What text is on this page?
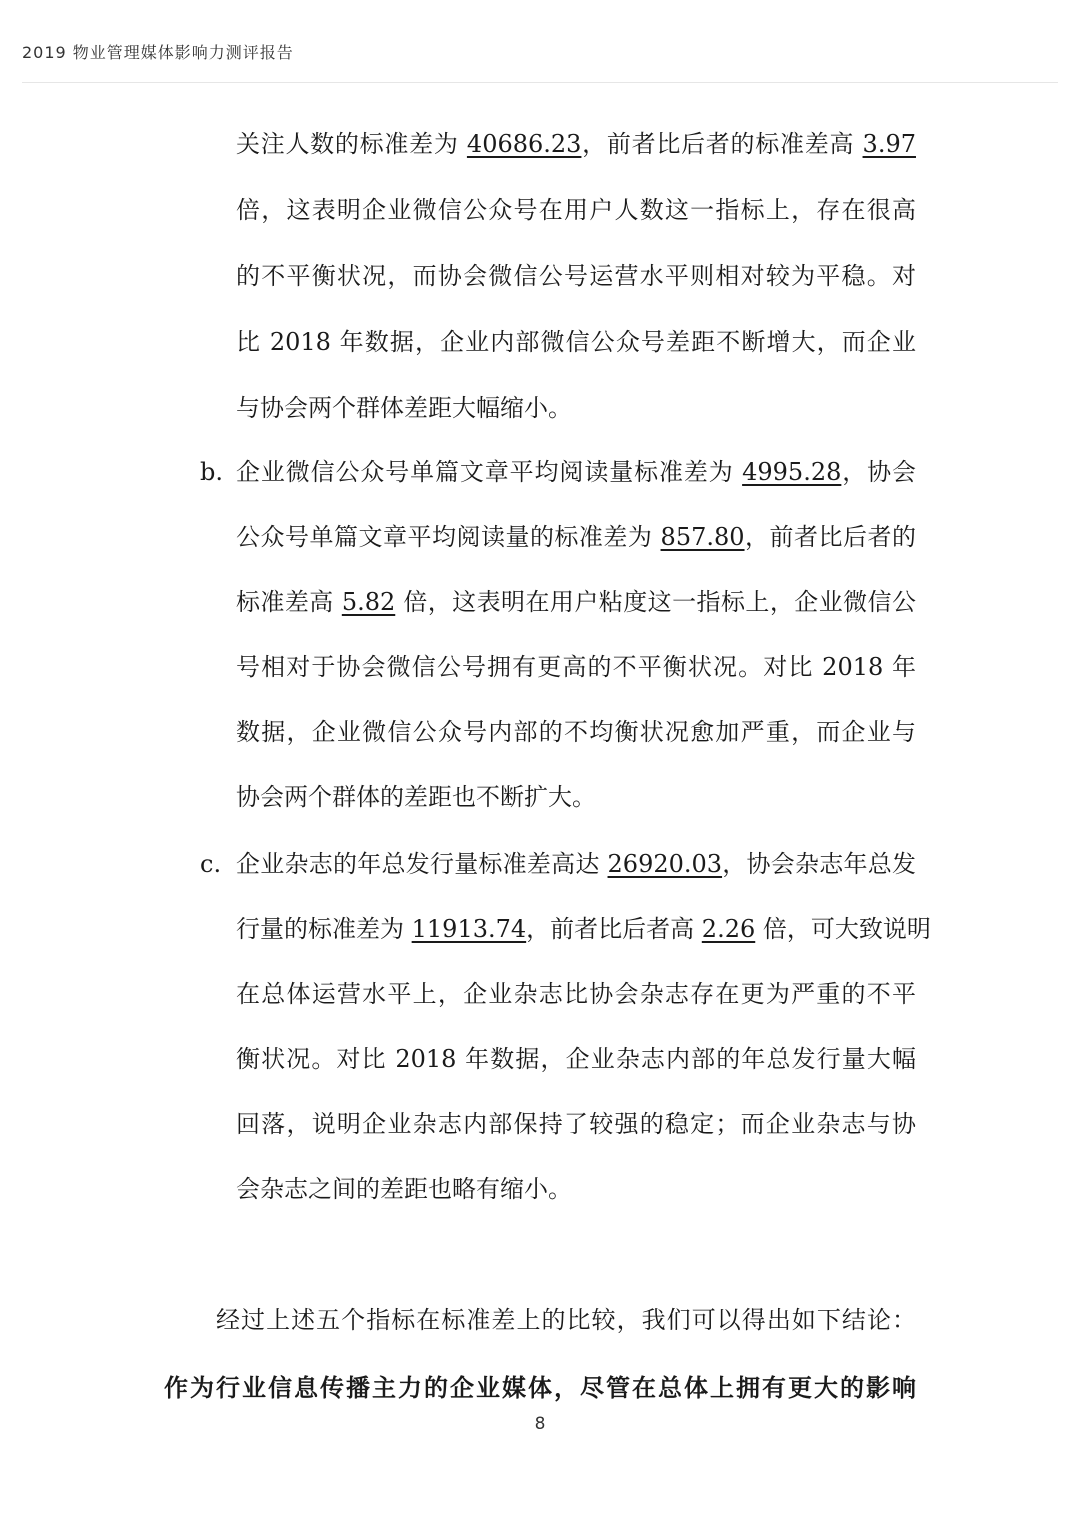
2019 物业管理媒体影响力测评报告
关注人数的标准差为 40686.23，前者比后者的标准差高 3.97
倍，这表明企业微信公众号在用户人数这一指标上，存在很高
的不平衡状况，而协会微信公号运营水平则相对较为平稳。对
比 2018 年数据，企业内部微信公众号差距不断增大，而企业
与协会两个群体差距大幅缩小。
b. 企业微信公众号单篇文章平均阅读量标准差为 4995.28，协会
公众号单篇文章平均阅读量的标准差为 857.80，前者比后者的
标准差高 5.82 倍，这表明在用户粘度这一指标上，企业微信公
号相对于协会微信公号拥有更高的不平衡状况。对比 2018 年
数据，企业微信公众号内部的不均衡状况愈加严重，而企业与
协会两个群体的差距也不断扩大。
c. 企业杂志的年总发行量标准差高达 26920.03，协会杂志年总发
行量的标准差为 11913.74，前者比后者高 2.26 倍，可大致说明
在总体运营水平上，企业杂志比协会杂志存在更为严重的不平
衡状况。对比 2018 年数据，企业杂志内部的年总发行量大幅
回落，说明企业杂志内部保持了较强的稳定；而企业杂志与协
会杂志之间的差距也略有缩小。
经过上述五个指标在标准差上的比较，我们可以得出如下结论：
作为行业信息传播主力的企业媒体，尽管在总体上拥有更大的影响
8
